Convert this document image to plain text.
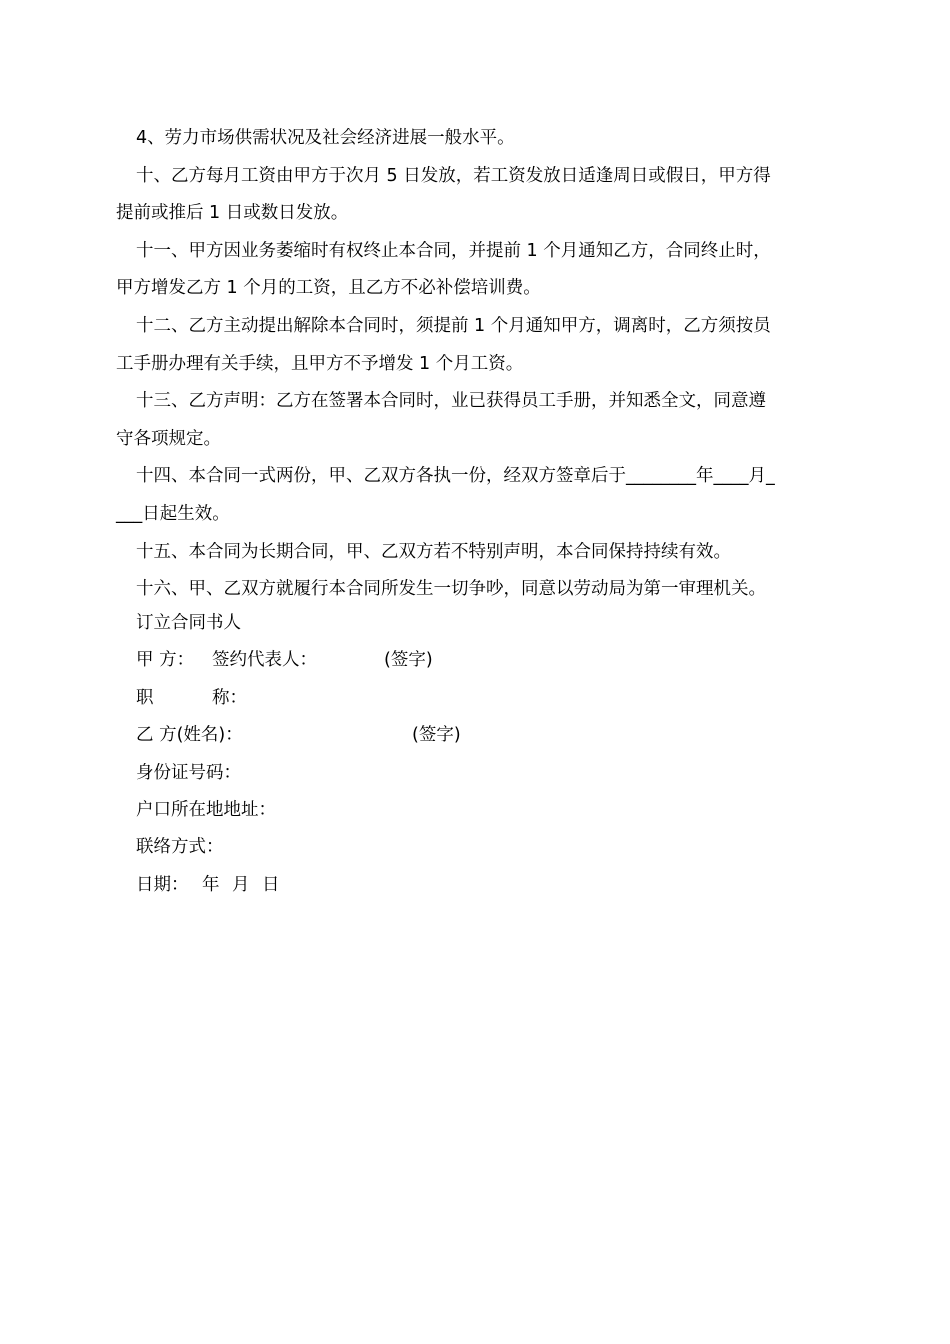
4、劳力市场供需状况及社会经济进展一般水平。
十、乙方每月工资由甲方于次月 5 日发放，若工资发放日适逢周日或假日，甲方得
提前或推后 1 日或数日发放。
十一、甲方因业务萎缩时有权终止本合同，并提前 1 个月通知乙方，合同终止时，
甲方增发乙方 1 个月的工资，且乙方不必补偿培训费。
十二、乙方主动提出解除本合同时，须提前 1 个月通知甲方，调离时，乙方须按员
工手册办理有关手续，且甲方不予增发 1 个月工资。
十三、乙方声明：乙方在签署本合同时，业已获得员工手册，并知悉全文，同意遵
守各项规定。
十四、本合同一式两份，甲、乙双方各执一份，经双方签章后于________年____月_
___日起生效。
十五、本合同为长期合同，甲、乙双方若不特别声明，本合同保持持续有效。
十六、甲、乙双方就履行本合同所发生一切争吵，同意以劳动局为第一审理机关。
订立合同书人
甲 方： 签约代表人：	(签字)
职	称：
乙 方(姓名)：	(签字)
身份证号码：
户口所在地地址：
联络方式：
日期： 年 月 日
